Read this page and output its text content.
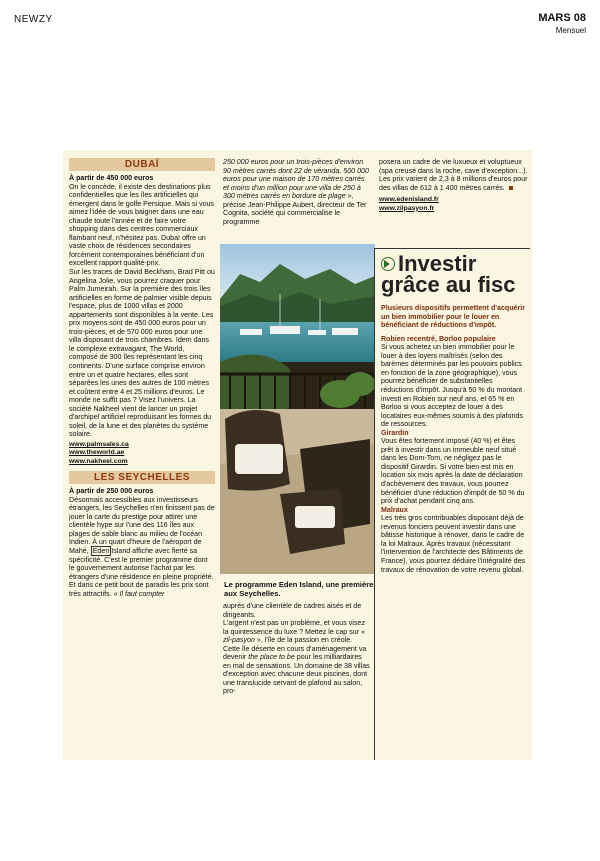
NEWZY	MARS 08
Mensuel
DUBAÏ

À partir de 450 000 euros

On le concède, il existe des destinations plus confidentielles que les îles artificielles qui émergent dans le golfe Persique. Mais si vous aimez l'idée de vous baigner dans une eau chaude toute l'année et de faire votre shopping dans des centres commerciaux flambant neuf, n'hésitez pas. Dubaï offre un vaste choix de résidences secondaires forcément contemporaines bénéficiant d'un excellent rapport qualité-prix.

Sur les traces de David Beckham, Brad Pitt ou Angelina Jolie, vous pourrez craquer pour Palm Jumeirah. Sur la première des trois îles artificielles en forme de palmier visible depuis l'espace, plus de 1000 villas et 2000 appartements sont disponibles à la vente. Les prix moyens sont de 450 000 euros pour un trois-pièces, et de 570 000 euros pour une villa disposant de trois chambres. Idem dans le complexe extravagant, The World, composé de 300 îles représentant les cinq continents. D'une surface comprise environ entre un et quatre hectares, elles sont séparées les unes des autres de 100 mètres et coûtent entre 4 et 25 millions d'euros. Le monde ne suffit pas ? Visez l'univers. La société Nakheel vient de lancer un projet d'archipel artificiel reproduisant les formes du soleil, de la lune et des planètes du système solaire.

www.palmsales.ca
www.theworld.ae
www.nakheel.com
LES SEYCHELLES

À partir de 250 000 euros

Désormais accessibles aux investisseurs étrangers, les Seychelles n'en finissent pas de jouer la carte du prestige pour attirer une clientèle hype sur l'une des 116 îles aux plages de sable blanc au milieu de l'océan Indien. À un quart d'heure de l'aéroport de Mahé, Eden Island affiche avec fierté sa spécificité. C'est le premier programme dont le gouvernement autorise l'achat par les étrangers d'une résidence en pleine propriété. Et dans ce petit bout de paradis les prix sont très attractifs. « Il faut compter

250 000 euros pour un trois-pièces d'environ 90 mètres carrés dont 22 de véranda, 500 000 euros pour une maison de 170 mètres carrés et moins d'un million pour une villa de 250 à 300 mètres carrés en bordure de plage », précise Jean-Philippe Aubert, directeur de Ter Cognita, société qui commercialise le programme

Le programme Eden Island, une première aux Seychelles.

auprès d'une clientèle de cadres aisés et de dirigeants.

L'argent n'est pas un problème, et vous visez la quintessence du luxe ? Mettez le cap sur « zil-pasyon », l'île de la passion en créole. Cette île déserte en cours d'aménagement va devenir the place to be pour les milliardaires en mal de sensations. Un domaine de 38 villas d'exception avec chacune deux piscines, dont une translucide servant de plafond au salon, pro-

posera un cadre de vie luxueux et voluptueux (spa creusé dans la roche, cave d'exception...). Les prix varient de 2,3 à 8 millions d'euros pour des villas de 612 à 1 400 mètres carrés.

www.edenisland.fr
www.zilpasyon.fr
Investir grâce au fisc

Plusieurs dispositifs permettent d'acquérir un bien immobilier pour le louer en bénéficiant de réductions d'impôt.

Robien recentré, Borloo populaire

Si vous achetez un bien immobilier pour le louer à des loyers maîtrisés (selon des barèmes déterminés par les pouvoirs publics en fonction de la zone géographique), vous pourrez bénéficier de substantielles réductions d'impôt. Jusqu'à 50 % du montant investi en Robien sur neuf ans, et 65 % en Borloo si vous acceptez de louer à des locataires eux-mêmes soumis à des plafonds de ressources.

Girardin

Vous êtes fortement imposé (40 %) et êtes prêt à investir dans un immeuble neuf situé dans les Dom-Tom, ne négligez pas le dispositif Girardin. Si votre bien est mis en location six mois après la date de déclaration d'achèvement des travaux, vous pourrez bénéficier d'une réduction d'impôt de 50 % du prix d'achat pendant cinq ans.

Malraux

Les très gros contribuables disposant déjà de revenus fonciers peuvent investir dans une bâtisse historique à rénover, dans le cadre de la loi Malraux. Après travaux (nécessitant l'intervention de l'architecte des Bâtiments de France), vous pourrez déduire l'intégralité des travaux de rénovation de votre revenu global.
